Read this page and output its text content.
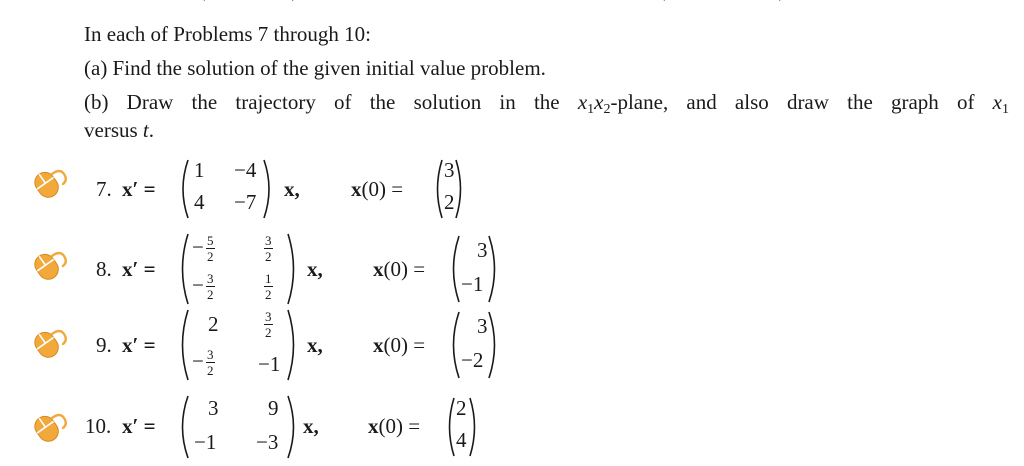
In each of Problems 7 through 10:
(a) Find the solution of the given initial value problem.
(b) Draw the trajectory of the solution in the $x_1x_2$-plane, and also draw the graph of $x_1$
versus t.
7. x′ =
1 −4
4 −7
x, x(0) =
3
2
8. x′ =
− 5
2
3
2
− 3
2
1
2
x, x(0) =
3
−1
9. x′ =
2	3
2
− 3
2 −1
x, x(0) =
3
−2
10. x′ =
3 9
−1 −3
x, x(0) =
2
4
